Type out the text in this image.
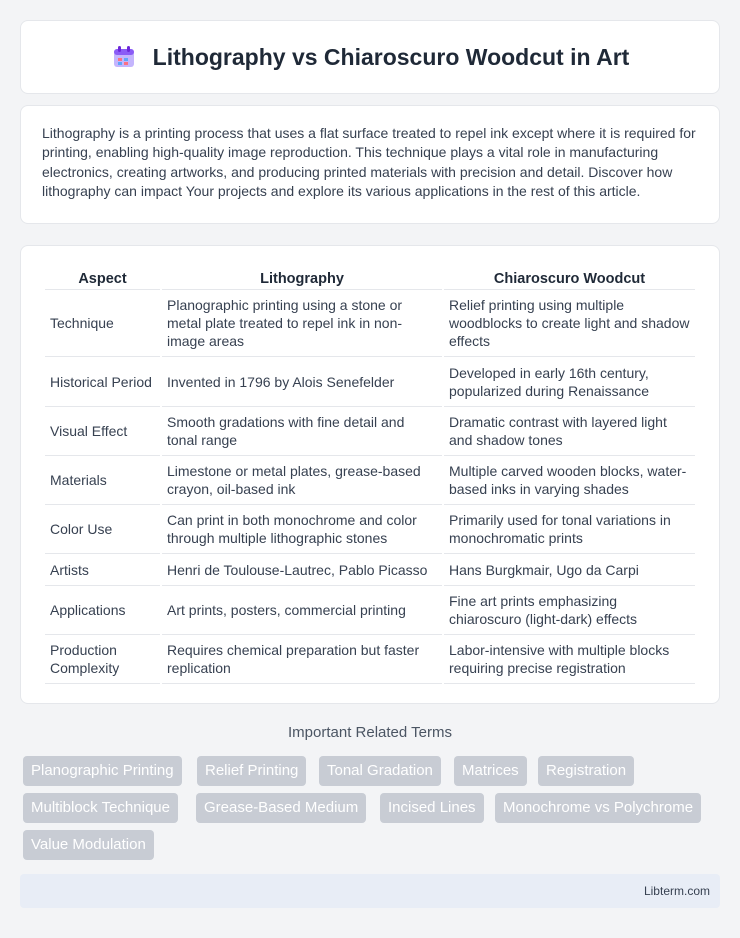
Lithography vs Chiaroscuro Woodcut in Art

Lithography is a printing process that uses a flat surface treated to repel ink except where it is required for printing, enabling high-quality image reproduction. This technique plays a vital role in manufacturing electronics, creating artworks, and producing printed materials with precision and detail. Discover how lithography can impact Your projects and explore its various applications in the rest of this article.

Aspect	Lithography	Chiaroscuro Woodcut
Technique	Planographic printing using a stone or metal plate treated to repel ink in non-image areas	Relief printing using multiple woodblocks to create light and shadow effects
Historical Period	Invented in 1796 by Alois Senefelder	Developed in early 16th century, popularized during Renaissance
Visual Effect	Smooth gradations with fine detail and tonal range	Dramatic contrast with layered light and shadow tones
Materials	Limestone or metal plates, grease-based crayon, oil-based ink	Multiple carved wooden blocks, water-based inks in varying shades
Color Use	Can print in both monochrome and color through multiple lithographic stones	Primarily used for tonal variations in monochromatic prints
Artists	Henri de Toulouse-Lautrec, Pablo Picasso	Hans Burgkmair, Ugo da Carpi
Applications	Art prints, posters, commercial printing	Fine art prints emphasizing chiaroscuro (light-dark) effects
Production Complexity	Requires chemical preparation but faster replication	Labor-intensive with multiple blocks requiring precise registration
Important Related Terms
Planographic Printing	Relief Printing	Tonal Gradation	Matrices	Registration
Multiblock Technique	Grease-Based Medium	Incised Lines	Monochrome vs Polychrome
Value Modulation
Libterm.com
